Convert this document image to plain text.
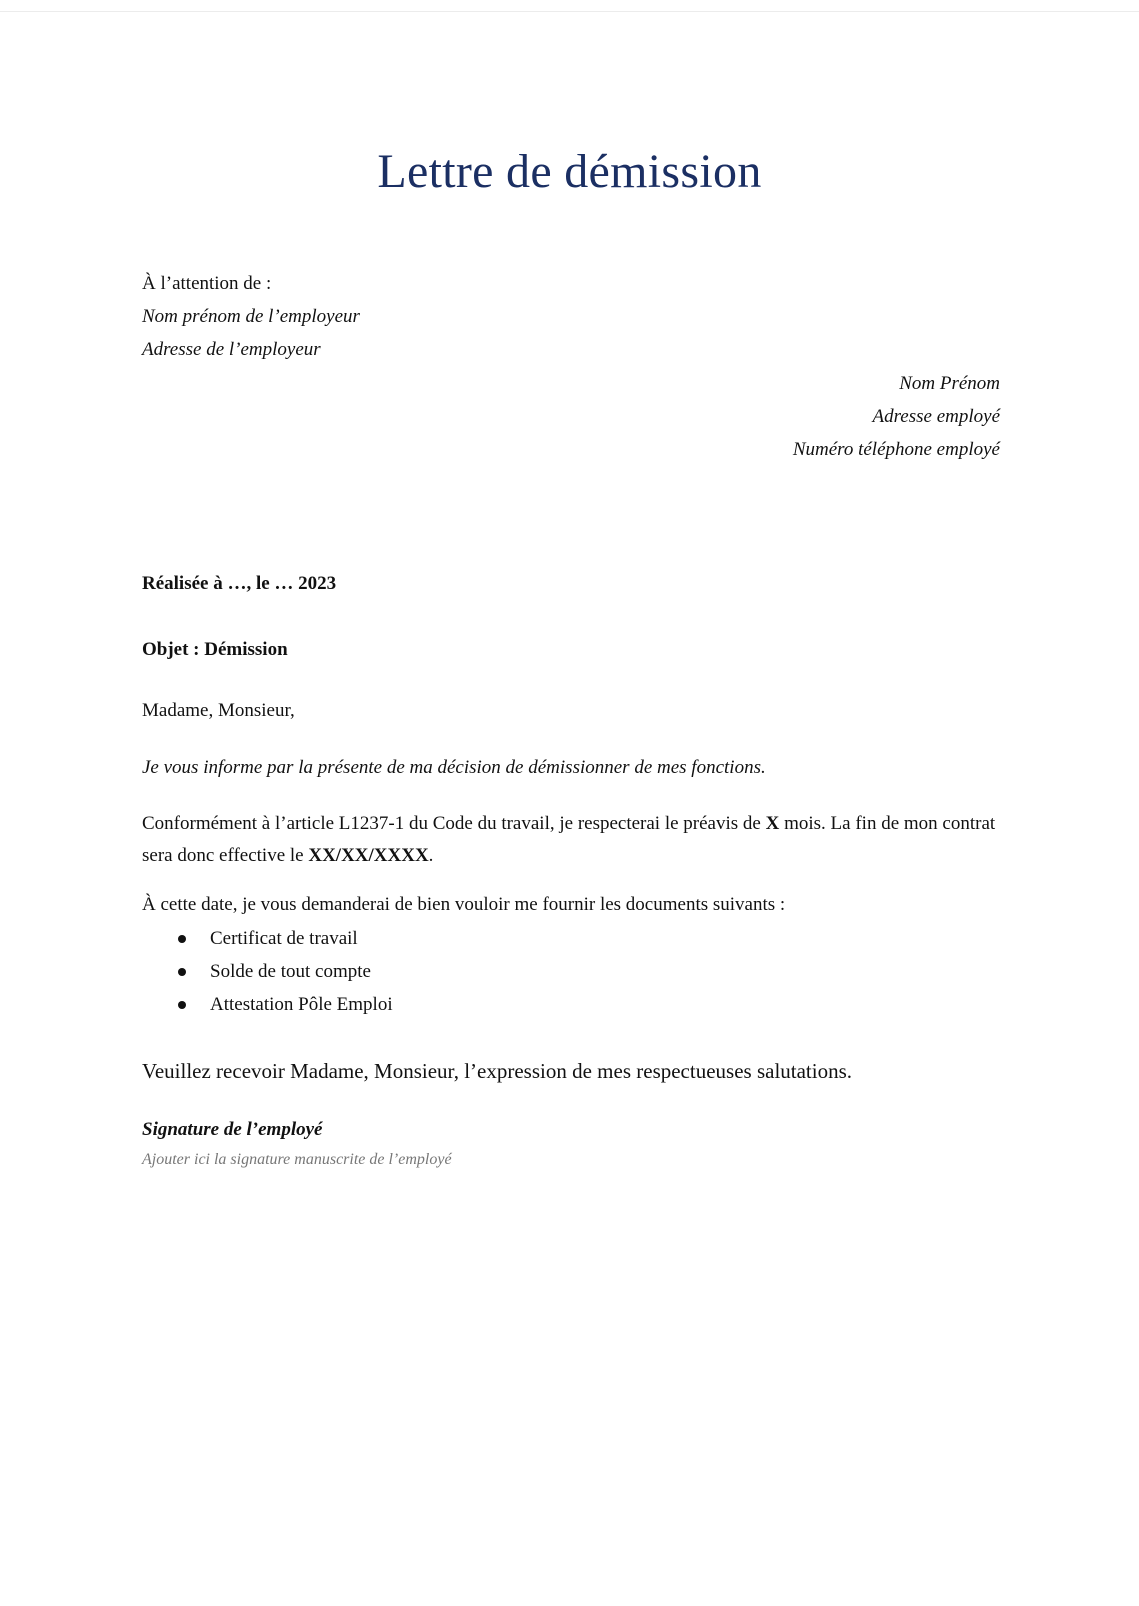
Lettre de démission
À l’attention de :
Nom prénom de l’employeur
Adresse de l’employeur
Nom Prénom
Adresse employé
Numéro téléphone employé
Réalisée à …, le … 2023
Objet : Démission
Madame, Monsieur,
Je vous informe par la présente de ma décision de démissionner de mes fonctions.
Conformément à l’article L1237-1 du Code du travail, je respecterai le préavis de X mois. La fin de mon contrat sera donc effective le XX/XX/XXXX.
À cette date, je vous demanderai de bien vouloir me fournir les documents suivants :
Certificat de travail
Solde de tout compte
Attestation Pôle Emploi
Veuillez recevoir Madame, Monsieur, l’expression de mes respectueuses salutations.
Signature de l’employé
Ajouter ici la signature manuscrite de l’employé
